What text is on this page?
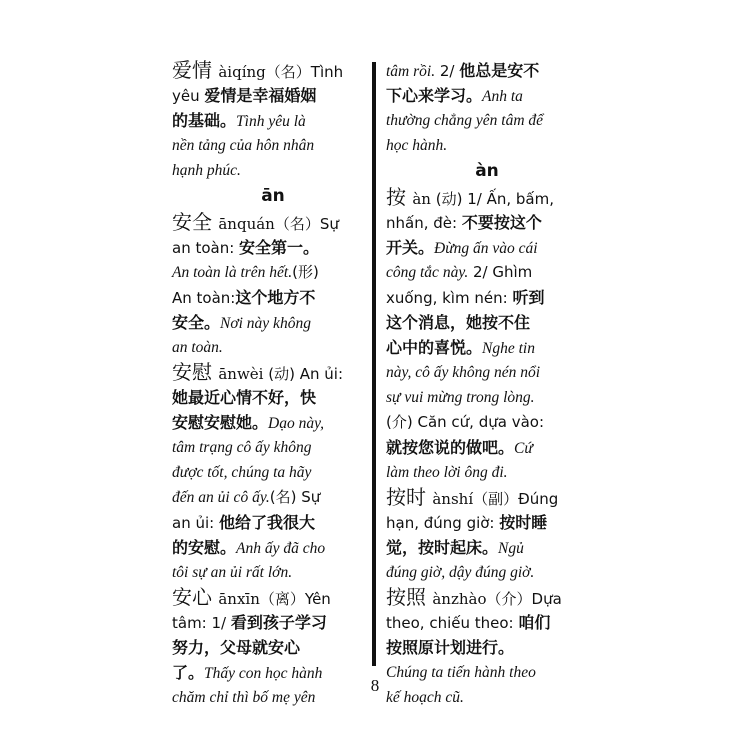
爱情 àiqíng（名）Tình
yêu 爱情是幸福婚姻
的基础。Tình yêu là
nền tảng của hôn nhân
hạnh phúc.
ān
安全 ānquán（名）Sự
an toàn: 安全第一。
An toàn là trên hết.(形)
An toàn:这个地方不
安全。Nơi này không
an toàn.
安慰 ānwèi (动) An ủi:
她最近心情不好，快
安慰安慰她。Dạo này,
tâm trạng cô ấy không
được tốt, chúng ta hãy
đến an ủi cô ấy.(名) Sự
an ủi: 他给了我很大
的安慰。Anh ấy đã cho
tôi sự an ủi rất lớn.
安心 ānxīn（离）Yên
tâm: 1/ 看到孩子学习
努力，父母就安心
了。Thấy con học hành
chăm chỉ thì bố mẹ yên
tâm rồi. 2/ 他总是安不
下心来学习。Anh ta
thường chẳng yên tâm để
học hành.
àn
按 àn (动) 1/ Ấn, bấm,
nhấn, đè: 不要按这个
开关。Đừng ấn vào cái
công tắc này. 2/ Ghìm
xuống, kìm nén: 听到
这个消息，她按不住
心中的喜悦。Nghe tin
này, cô ấy không nén nổi
sự vui mừng trong lòng.
(介) Căn cứ, dựa vào:
就按您说的做吧。Cứ
làm theo lời ông đi.
按时 ànshí（副）Đúng
hạn, đúng giờ: 按时睡
觉，按时起床。Ngủ
đúng giờ, dậy đúng giờ.
按照 ànzhào（介）Dựa
theo, chiếu theo: 咱们
按照原计划进行。
Chúng ta tiến hành theo
kế hoạch cũ.
8
